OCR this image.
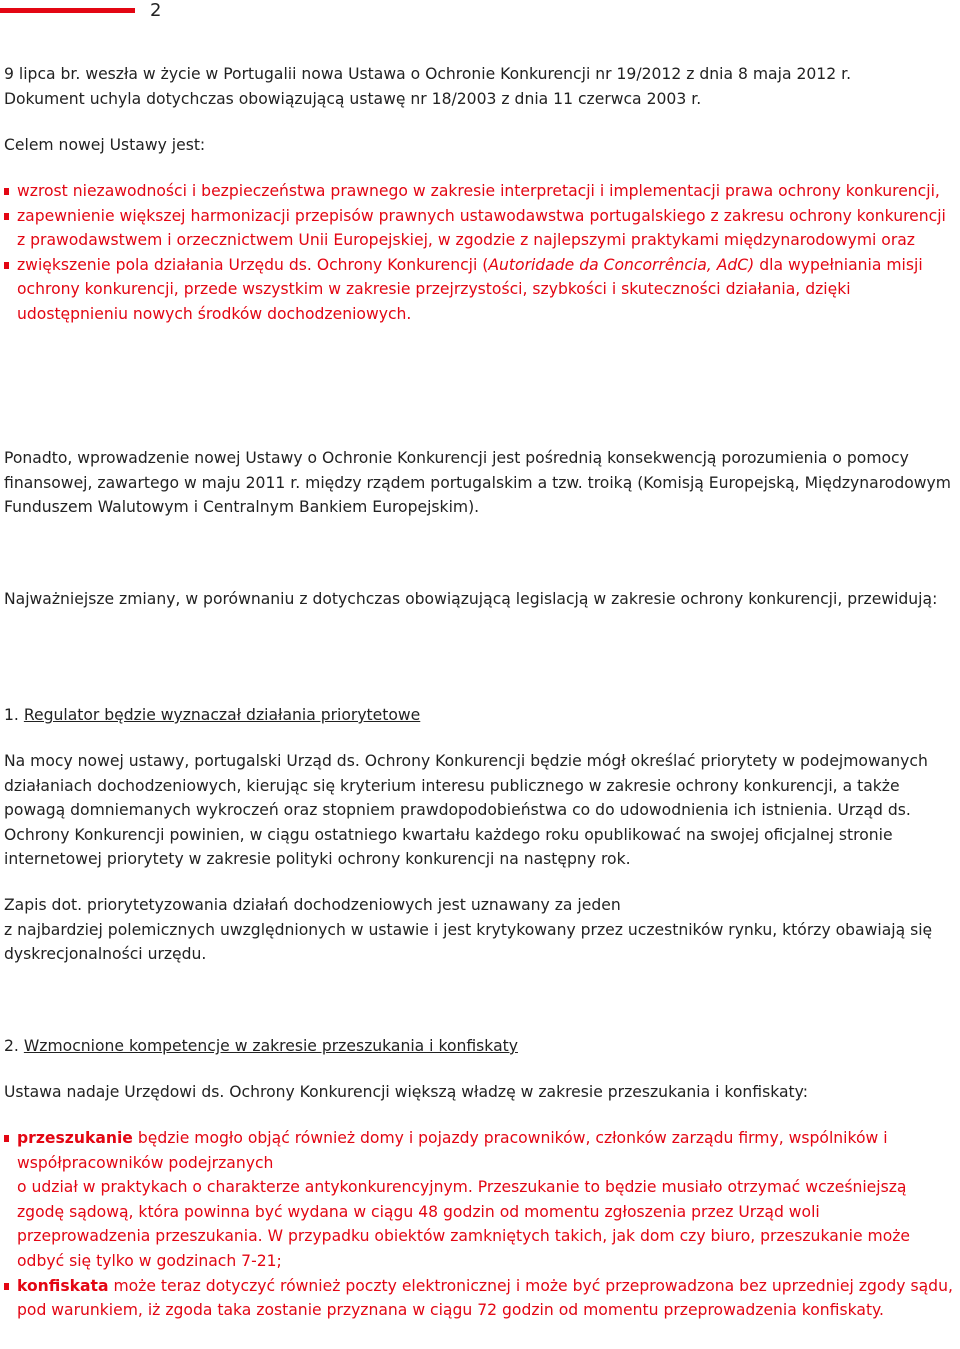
2

9 lipca br. weszła w życie w Portugalii nowa Ustawa o Ochronie Konkurencji nr 19/2012 z dnia 8 maja 2012 r.

Dokument uchyla dotychczas obowiązującą ustawę nr 18/2003 z dnia 11 czerwca 2003 r.

Celem nowej Ustawy jest:
wzrost niezawodności i bezpieczeństwa prawnego w zakresie interpretacji i implementacji prawa ochrony konkurencji,
zapewnienie większej harmonizacji przepisów prawnych ustawodawstwa portugalskiego z zakresu ochrony konkurencji z prawodawstwem i orzecznictwem Unii Europejskiej, w zgodzie z najlepszymi praktykami międzynarodowymi oraz
zwiększenie pola działania Urzędu ds. Ochrony Konkurencji (Autoridade da Concorrência, AdC) dla wypełniania misji ochrony konkurencji, przede wszystkim w zakresie przejrzystości, szybkości i skuteczności działania, dzięki udostępnieniu nowych środków dochodzeniowych.
Ponadto, wprowadzenie nowej Ustawy o Ochronie Konkurencji jest pośrednią konsekwencją porozumienia o pomocy finansowej, zawartego w maju 2011 r. między rządem portugalskim a tzw. troiką (Komisją Europejską, Międzynarodowym Funduszem Walutowym i Centralnym Bankiem Europejskim).
Najważniejsze zmiany, w porównaniu z dotychczas obowiązującą legislacją w zakresie ochrony konkurencji, przewidują:
1. Regulator będzie wyznaczał działania priorytetowe
Na mocy nowej ustawy, portugalski Urząd ds. Ochrony Konkurencji będzie mógł określać priorytety w podejmowanych działaniach dochodzeniowych, kierując się kryterium interesu publicznego w zakresie ochrony konkurencji, a także powagą domniemanych wykroczeń oraz stopniem prawdopodobieństwa co do udowodnienia ich istnienia. Urząd ds. Ochrony Konkurencji powinien, w ciągu ostatniego kwartału każdego roku opublikować na swojej oficjalnej stronie internetowej priorytety w zakresie polityki ochrony konkurencji na następny rok.

Zapis dot. priorytetyzowania działań dochodzeniowych jest uznawany za jeden

z najbardziej polemicznych uwzględnionych w ustawie i jest krytykowany przez uczestników rynku, którzy obawiają się dyskrecjonalności urzędu.

2. Wzmocnione kompetencje w zakresie przeszukania i konfiskaty
Ustawa nadaje Urzędowi ds. Ochrony Konkurencji większą władzę w zakresie przeszukania i konfiskaty:
przeszukanie będzie mogło objąć również domy i pojazdy pracowników, członków zarządu firmy, wspólników i współpracowników podejrzanych
o udział w praktykach o charakterze antykonkurencyjnym. Przeszukanie to będzie musiało otrzymać wcześniejszą zgodę sądową, która powinna być wydana w ciągu 48 godzin od momentu zgłoszenia przez Urząd woli przeprowadzenia przeszukania. W przypadku obiektów zamkniętych takich, jak dom czy biuro, przeszukanie może odbyć się tylko w godzinach 7-21;
konfiskata może teraz dotyczyć również poczty elektronicznej i może być przeprowadzona bez uprzedniej zgody sądu, pod warunkiem, iż zgoda taka zostanie przyznana w ciągu 72 godzin od momentu przeprowadzenia konfiskaty.
